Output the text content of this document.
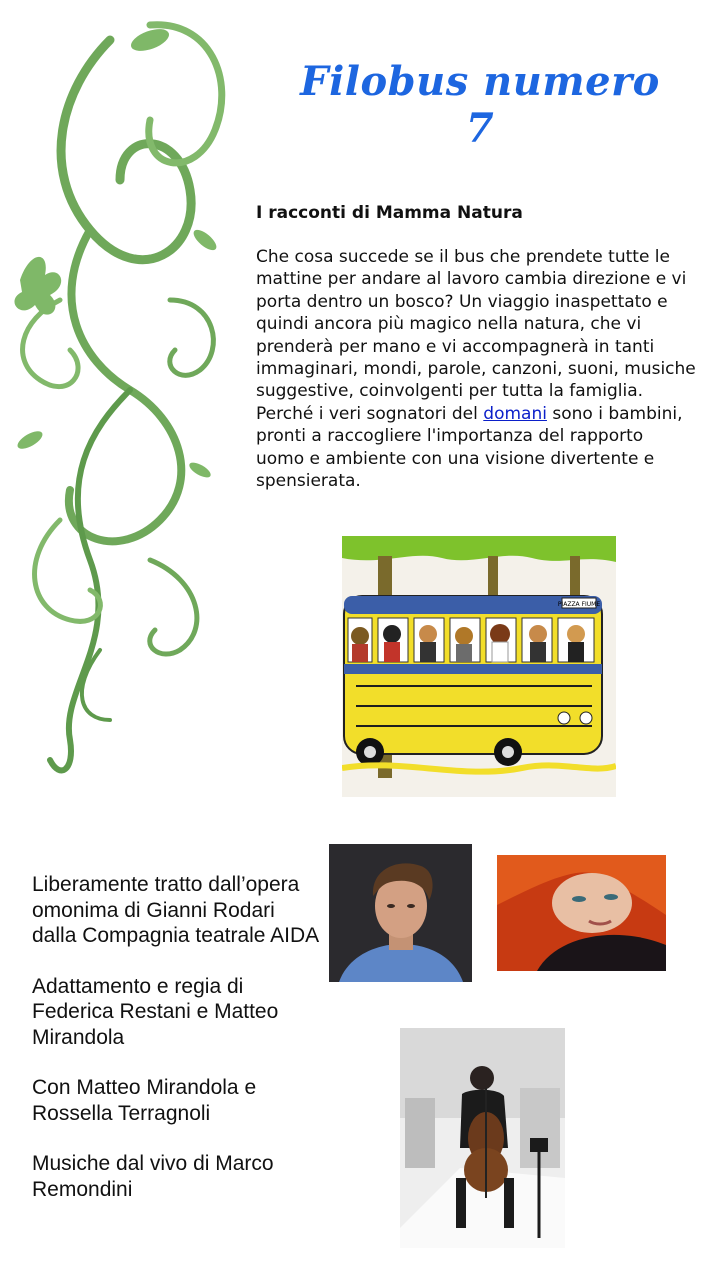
Filobus numero 7
I racconti di Mamma Natura
Che cosa succede se il bus che prendete tutte le mattine per andare al lavoro cambia direzione e vi porta dentro un bosco? Un viaggio inaspettato e quindi ancora più magico nella natura, che vi prenderà per mano e vi accompagnerà in tanti immaginari, mondi, parole, canzoni, suoni, musiche suggestive, coinvolgenti per tutta la famiglia. Perché i veri sognatori del domani sono i bambini, pronti a raccogliere l'importanza del rapporto uomo e ambiente con una visione divertente e spensierata.
PIAZZA FIUME

Liberamente tratto dall’opera omonima di Gianni Rodari dalla Compagnia teatrale AIDA

Adattamento e regia di Federica Restani e Matteo Mirandola

Con Matteo Mirandola e Rossella Terragnoli

Musiche dal vivo di Marco Remondini
